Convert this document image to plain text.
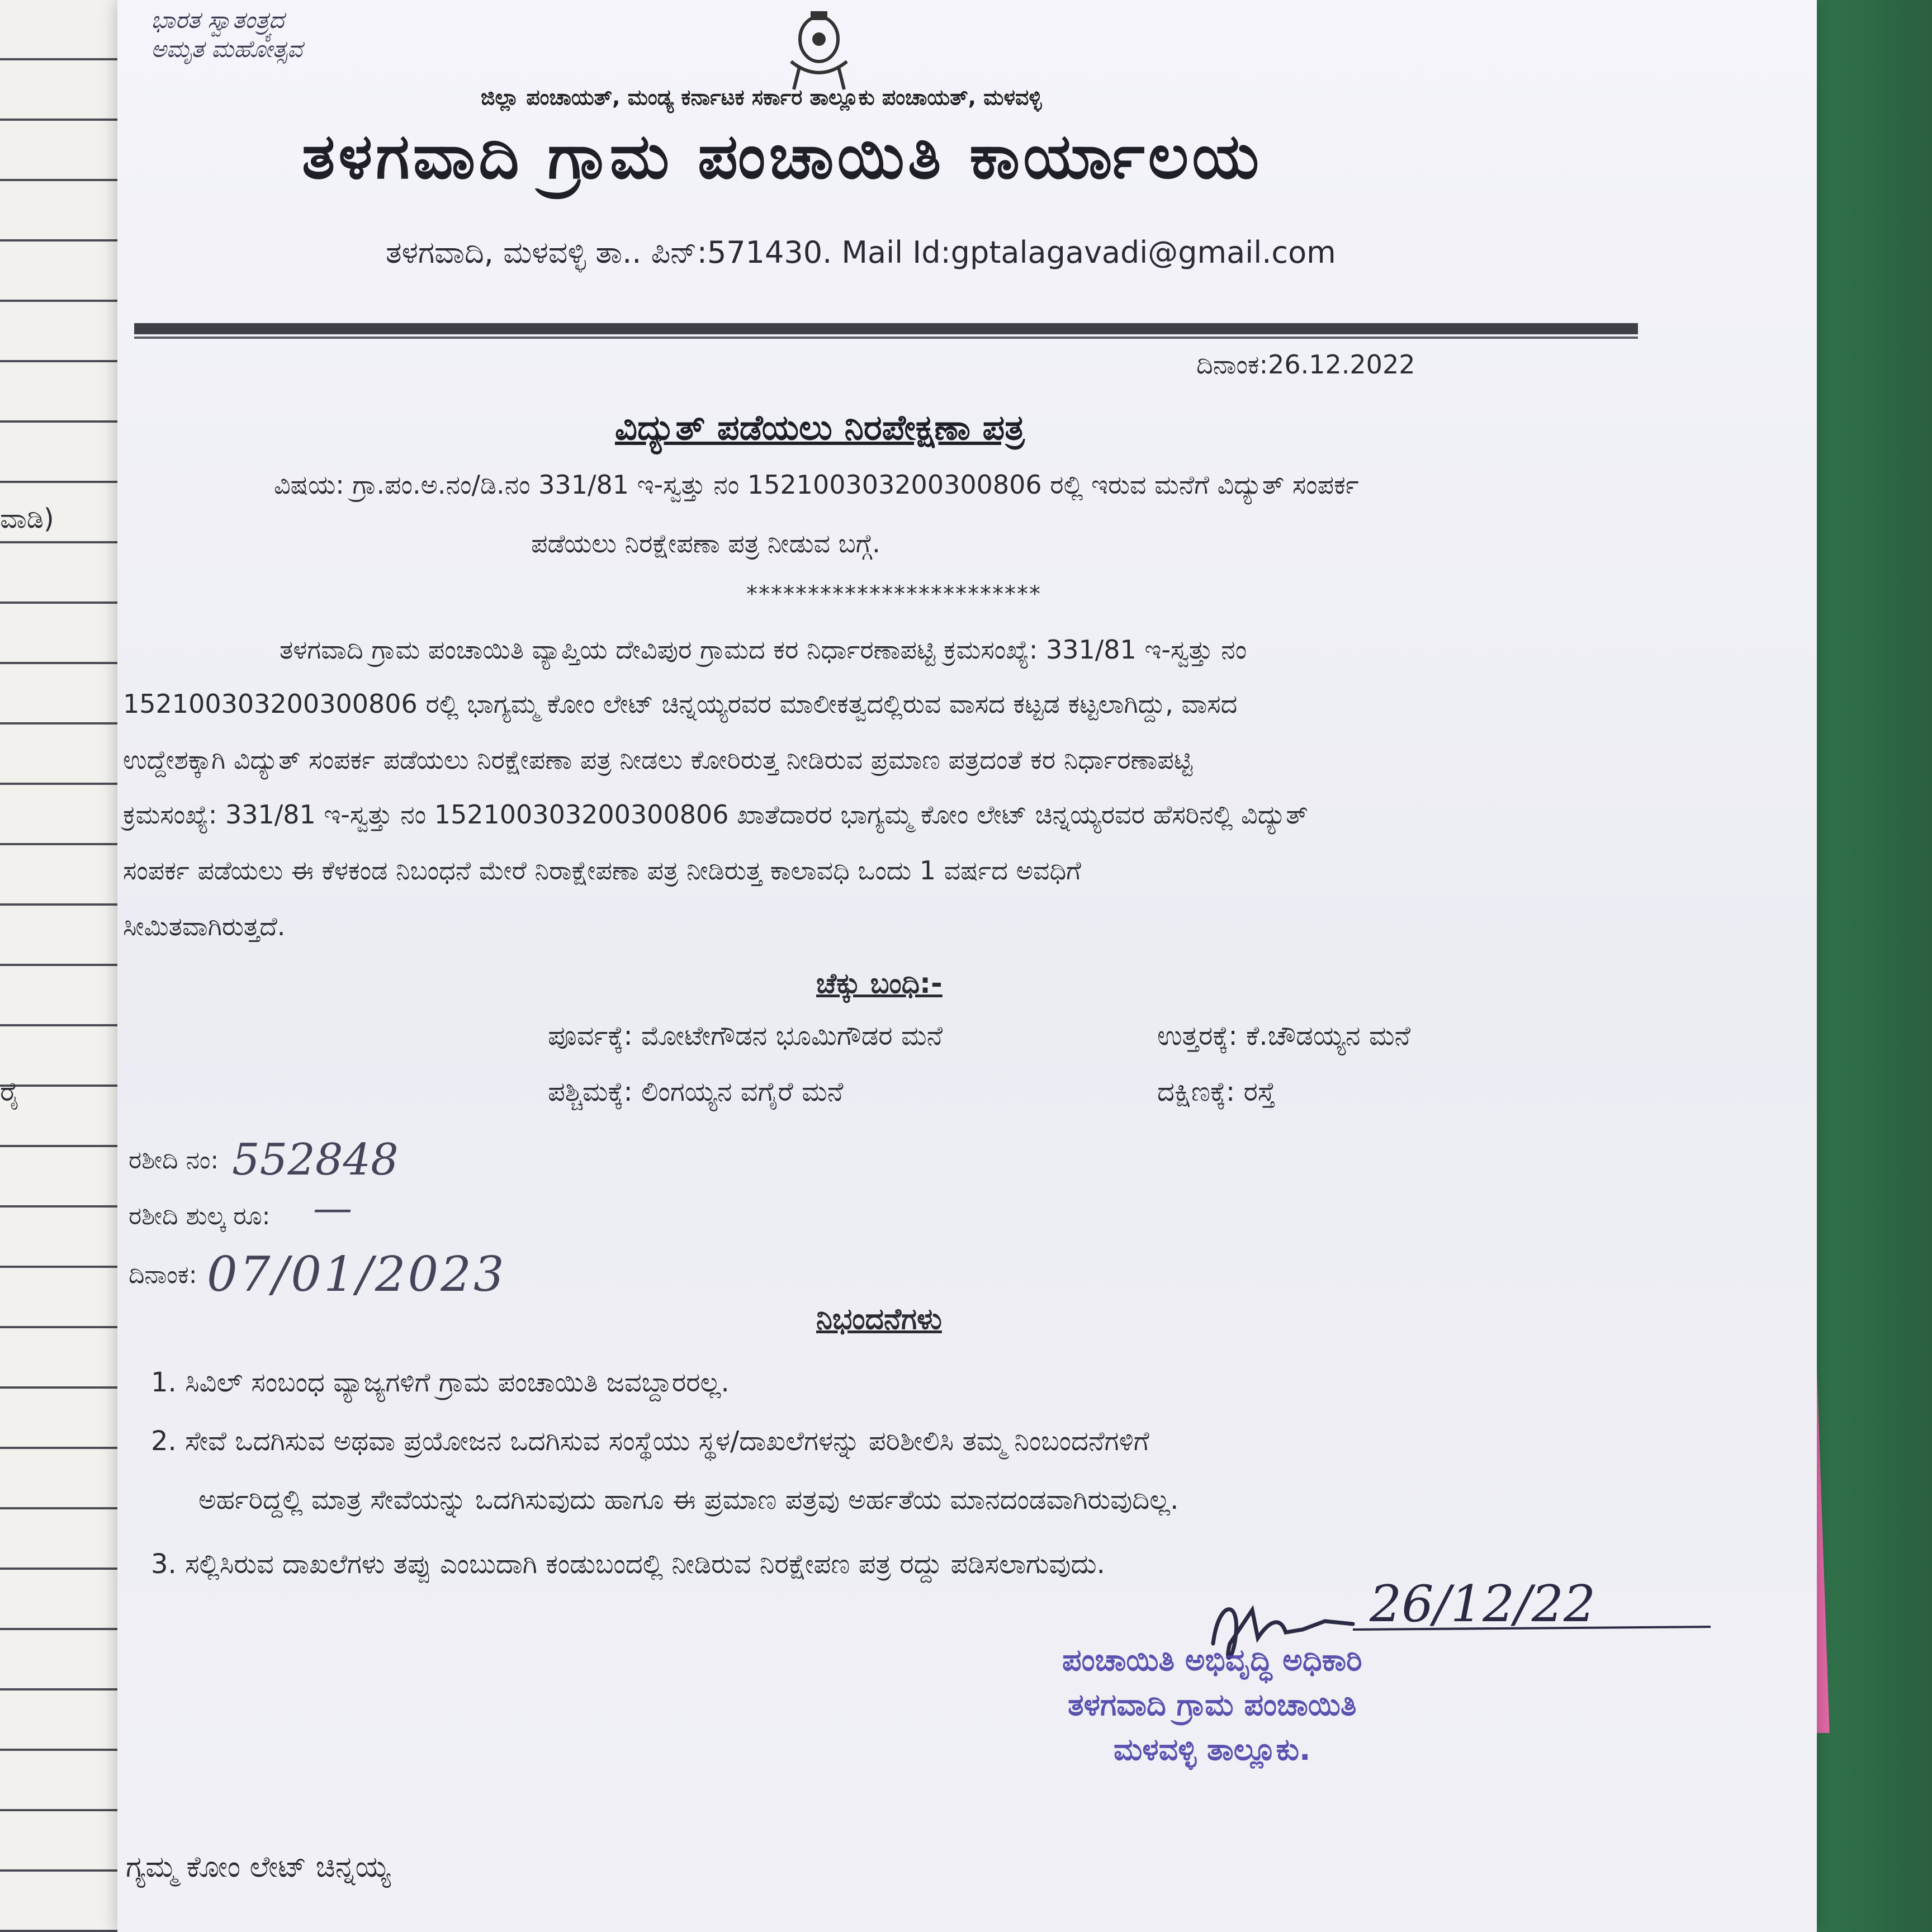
ವಾಡಿ)
ರೈ
ಭಾರತ ಸ್ವಾತಂತ್ರ್ಯದ
ಅಮೃತ ಮಹೋತ್ಸವ
ಜಿಲ್ಲಾ ಪಂಚಾಯತ್, ಮಂಡ್ಯ ಕರ್ನಾಟಕ ಸರ್ಕಾರ ತಾಲ್ಲೂಕು ಪಂಚಾಯತ್, ಮಳವಳ್ಳಿ
ತಳಗವಾದಿ ಗ್ರಾಮ ಪಂಚಾಯಿತಿ ಕಾರ್ಯಾಲಯ
ತಳಗವಾದಿ, ಮಳವಳ್ಳಿ ತಾ.. ಪಿನ್:571430. Mail Id:gptalagavadi@gmail.com
ದಿನಾಂಕ:26.12.2022
ವಿದ್ಯುತ್ ಪಡೆಯಲು ನಿರಪೇಕ್ಷಣಾ ಪತ್ರ
ವಿಷಯ: ಗ್ರಾ.ಪಂ.ಅ.ನಂ/ಡಿ.ನಂ 331/81 ಇ-ಸ್ವತ್ತು ನಂ 152100303200300806 ರಲ್ಲಿ ಇರುವ ಮನೆಗೆ ವಿದ್ಯುತ್ ಸಂಪರ್ಕ
ಪಡೆಯಲು ನಿರಕ್ಷೇಪಣಾ ಪತ್ರ ನೀಡುವ ಬಗ್ಗೆ.
************************
ತಳಗವಾದಿ ಗ್ರಾಮ ಪಂಚಾಯಿತಿ ವ್ಯಾಪ್ತಿಯ ದೇವಿಪುರ ಗ್ರಾಮದ ಕರ ನಿರ್ಧಾರಣಾಪಟ್ಟಿ ಕ್ರಮಸಂಖ್ಯೆ: 331/81 ಇ-ಸ್ವತ್ತು ನಂ
152100303200300806 ರಲ್ಲಿ ಭಾಗ್ಯಮ್ಮ ಕೋಂ ಲೇಟ್ ಚಿನ್ನಯ್ಯರವರ ಮಾಲೀಕತ್ವದಲ್ಲಿರುವ ವಾಸದ ಕಟ್ಟಡ ಕಟ್ಟಲಾಗಿದ್ದು, ವಾಸದ
ಉದ್ದೇಶಕ್ಕಾಗಿ ವಿದ್ಯುತ್ ಸಂಪರ್ಕ ಪಡೆಯಲು ನಿರಕ್ಷೇಪಣಾ ಪತ್ರ ನೀಡಲು ಕೋರಿರುತ್ತ ನೀಡಿರುವ ಪ್ರಮಾಣ ಪತ್ರದಂತೆ ಕರ ನಿರ್ಧಾರಣಾಪಟ್ಟಿ
ಕ್ರಮಸಂಖ್ಯೆ: 331/81 ಇ-ಸ್ವತ್ತು ನಂ 152100303200300806 ಖಾತೆದಾರರ ಭಾಗ್ಯಮ್ಮ ಕೋಂ ಲೇಟ್ ಚಿನ್ನಯ್ಯರವರ ಹೆಸರಿನಲ್ಲಿ ವಿದ್ಯುತ್
ಸಂಪರ್ಕ ಪಡೆಯಲು ಈ ಕೆಳಕಂಡ ನಿಬಂಧನೆ ಮೇರೆ ನಿರಾಕ್ಷೇಪಣಾ ಪತ್ರ ನೀಡಿರುತ್ತ ಕಾಲಾವಧಿ ಒಂದು 1 ವರ್ಷದ ಅವಧಿಗೆ
ಸೀಮಿತವಾಗಿರುತ್ತದೆ.
ಚೆಕ್ಕು ಬಂಧಿ:-
ಪೂರ್ವಕ್ಕೆ: ಮೋಟೇಗೌಡನ ಭೂಮಿಗೌಡರ ಮನೆ	ಉತ್ತರಕ್ಕೆ: ಕೆ.ಚೌಡಯ್ಯನ ಮನೆ
ಪಶ್ಚಿಮಕ್ಕೆ: ಲಿಂಗಯ್ಯನ ವಗೈರೆ ಮನೆ	ದಕ್ಷಿಣಕ್ಕೆ: ರಸ್ತೆ
ರಶೀದಿ ನಂ: 552848
ರಶೀದಿ ಶುಲ್ಕ ರೂ: —
ದಿನಾಂಕ: 07/01/2023
ನಿಭಂದನೆಗಳು
1. ಸಿವಿಲ್ ಸಂಬಂಧ ವ್ಯಾಜ್ಯಗಳಿಗೆ ಗ್ರಾಮ ಪಂಚಾಯಿತಿ ಜವಬ್ದಾರರಲ್ಲ.
2. ಸೇವೆ ಒದಗಿಸುವ ಅಥವಾ ಪ್ರಯೋಜನ ಒದಗಿಸುವ ಸಂಸ್ಥೆಯು ಸ್ಥಳ/ದಾಖಲೆಗಳನ್ನು ಪರಿಶೀಲಿಸಿ ತಮ್ಮ ನಿಂಬಂದನೆಗಳಿಗೆ
ಅರ್ಹರಿದ್ದಲ್ಲಿ ಮಾತ್ರ ಸೇವೆಯನ್ನು ಒದಗಿಸುವುದು ಹಾಗೂ ಈ ಪ್ರಮಾಣ ಪತ್ರವು ಅರ್ಹತೆಯ ಮಾನದಂಡವಾಗಿರುವುದಿಲ್ಲ.
3. ಸಲ್ಲಿಸಿರುವ ದಾಖಲೆಗಳು ತಪ್ಪು ಎಂಬುದಾಗಿ ಕಂಡುಬಂದಲ್ಲಿ ನೀಡಿರುವ ನಿರಕ್ಷೇಪಣ ಪತ್ರ ರದ್ದು ಪಡಿಸಲಾಗುವುದು.
26/12/22
ಪಂಚಾಯಿತಿ ಅಭಿವೃದ್ಧಿ ಅಧಿಕಾರಿ
ತಳಗವಾದಿ ಗ್ರಾಮ ಪಂಚಾಯಿತಿ
ಮಳವಳ್ಳಿ ತಾಲ್ಲೂಕು.
ಗ್ಯಮ್ಮ ಕೋಂ ಲೇಟ್ ಚಿನ್ನಯ್ಯ
